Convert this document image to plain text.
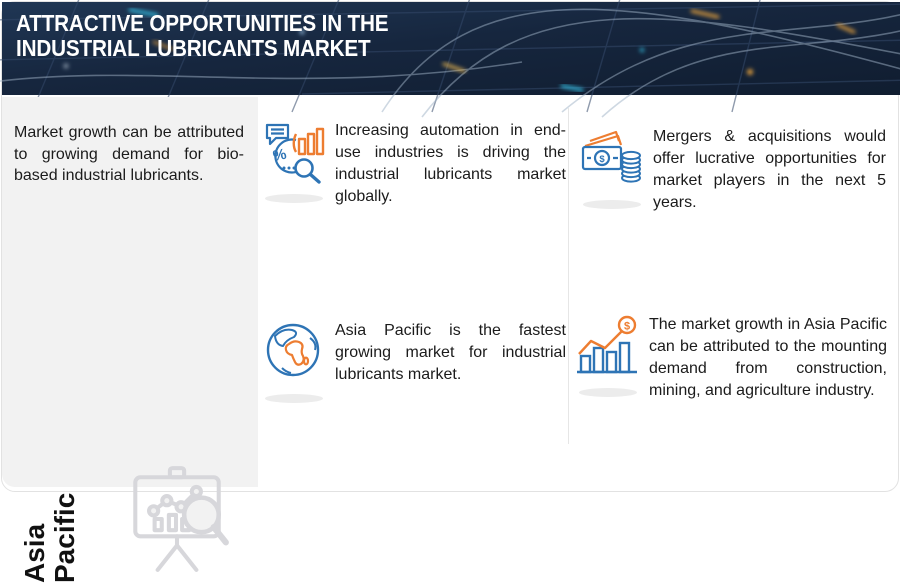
ATTRACTIVE OPPORTUNITIES IN THE
INDUSTRIAL LUBRICANTS MARKET

Market growth can be attributed to growing demand for bio-based industrial lubricants.

Asia Pacific
%
Increasing automation in end-use industries is driving the industrial lubricants market globally.
$
Mergers & acquisitions would offer lucrative opportunities for market players in the next 5 years.
Asia Pacific is the fastest growing market for industrial lubricants market.
$ The market growth in Asia Pacific can be attributed to the mounting demand from construction, mining, and agriculture industry.
